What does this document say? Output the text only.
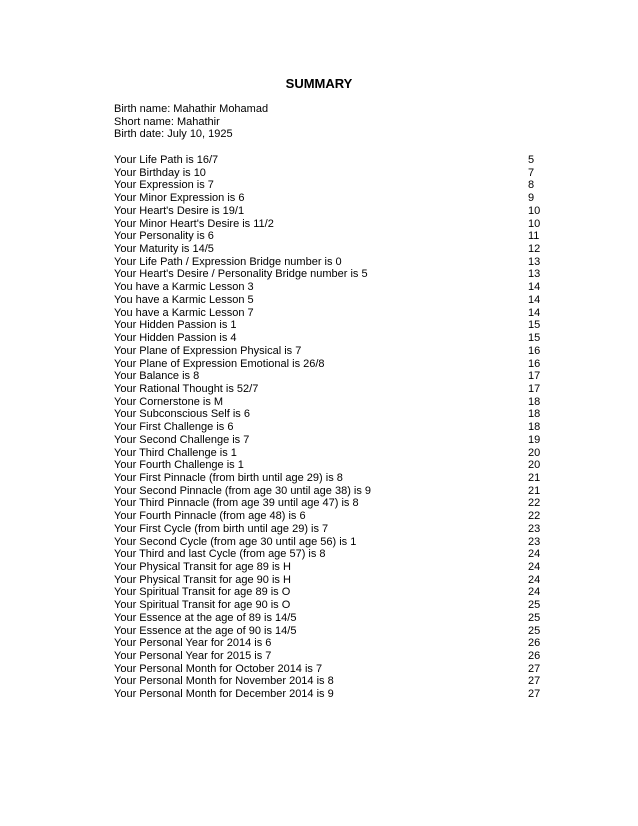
SUMMARY
Birth name: Mahathir Mohamad
Short name: Mahathir
Birth date: July 10, 1925
Your Life Path is 16/7	5
Your Birthday is 10	7
Your Expression is 7	8
Your Minor Expression is 6	9
Your Heart's Desire is 19/1	10
Your Minor Heart's Desire is 11/2	10
Your Personality is 6	11
Your Maturity is 14/5	12
Your Life Path / Expression Bridge number is 0	13
Your Heart's Desire / Personality Bridge number is 5	13
You have a Karmic Lesson 3	14
You have a Karmic Lesson 5	14
You have a Karmic Lesson 7	14
Your Hidden Passion is 1	15
Your Hidden Passion is 4	15
Your Plane of Expression Physical is 7	16
Your Plane of Expression Emotional is 26/8	16
Your Balance is 8	17
Your Rational Thought is 52/7	17
Your Cornerstone is M	18
Your Subconscious Self is 6	18
Your First Challenge is 6	18
Your Second Challenge is 7	19
Your Third Challenge is 1	20
Your Fourth Challenge is 1	20
Your First Pinnacle (from birth until age 29) is 8	21
Your Second Pinnacle (from age 30 until age 38) is 9	21
Your Third Pinnacle (from age 39 until age 47) is 8	22
Your Fourth Pinnacle (from age 48) is 6	22
Your First Cycle (from birth until age 29) is 7	23
Your Second Cycle (from age 30 until age 56) is 1	23
Your Third and last Cycle (from age 57) is 8	24
Your Physical Transit for age 89 is H	24
Your Physical Transit for age 90 is H	24
Your Spiritual Transit for age 89 is O	24
Your Spiritual Transit for age 90 is O	25
Your Essence at the age of 89 is 14/5	25
Your Essence at the age of 90 is 14/5	25
Your Personal Year for 2014 is 6	26
Your Personal Year for 2015 is 7	26
Your Personal Month for October 2014 is 7	27
Your Personal Month for November 2014 is 8	27
Your Personal Month for December 2014 is 9	27
